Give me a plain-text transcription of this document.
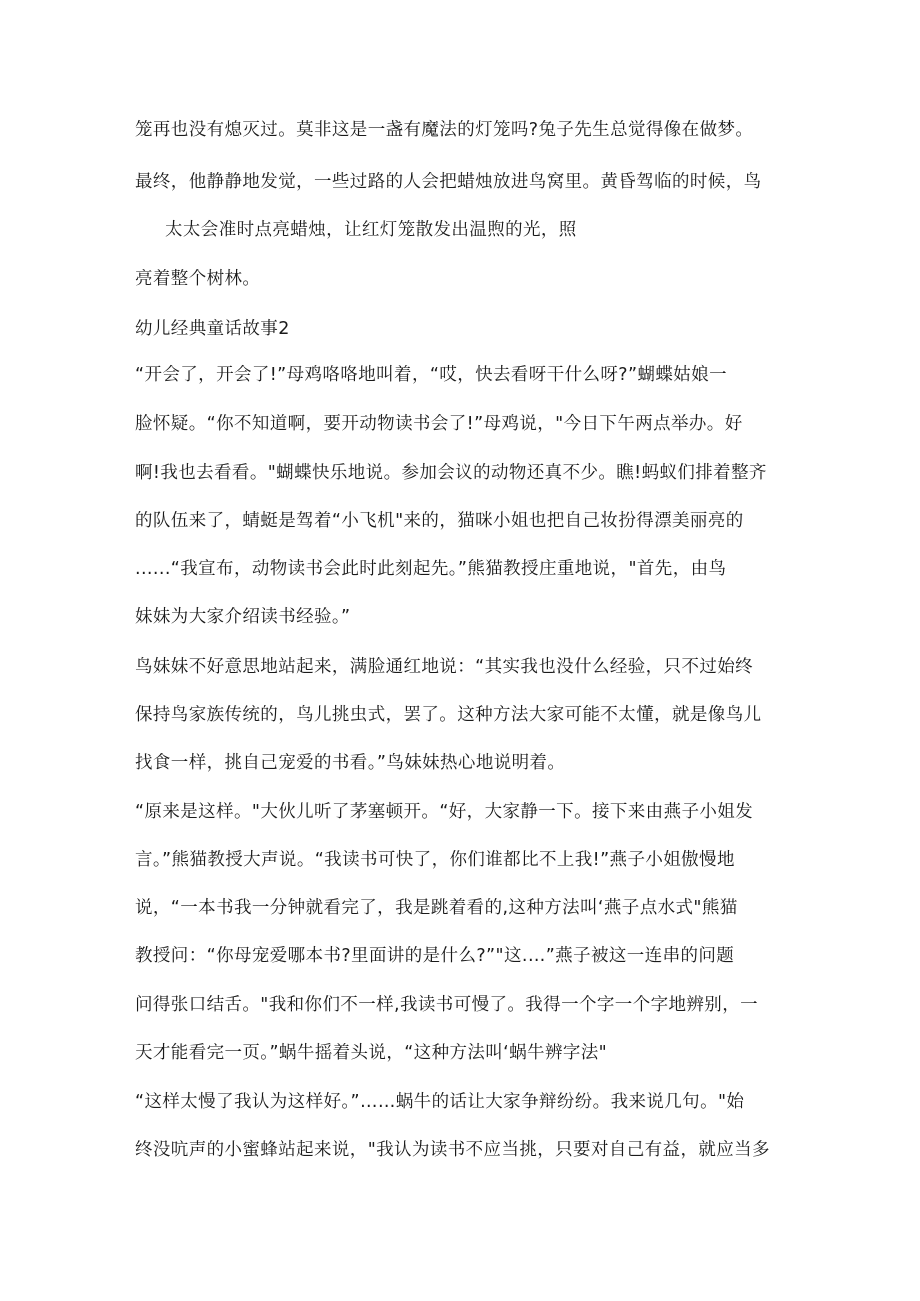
笼再也没有熄灭过。莫非这是一盏有魔法的灯笼吗?兔子先生总觉得像在做梦。
最终，他静静地发觉，一些过路的人会把蜡烛放进鸟窝里。黄昏驾临的时候，鸟
太太会准时点亮蜡烛，让红灯笼散发出温煦的光，照
亮着整个树林。
幼儿经典童话故事2
“开会了，开会了!”母鸡咯咯地叫着，“哎，快去看呀干什么呀?”蝴蝶姑娘一
脸怀疑。“你不知道啊，要开动物读书会了!”母鸡说，"今日下午两点举办。好
啊!我也去看看。"蝴蝶快乐地说。参加会议的动物还真不少。瞧!蚂蚁们排着整齐
的队伍来了，蜻蜓是驾着“小飞机"来的，猫咪小姐也把自己妆扮得漂美丽亮的
......“我宣布，动物读书会此时此刻起先。”熊猫教授庄重地说，"首先，由鸟
妹妹为大家介绍读书经验。”
鸟妹妹不好意思地站起来，满脸通红地说：“其实我也没什么经验，只不过始终
保持鸟家族传统的，鸟儿挑虫式，罢了。这种方法大家可能不太懂，就是像鸟儿
找食一样，挑自己宠爱的书看。”鸟妹妹热心地说明着。
“原来是这样。"大伙儿听了茅塞顿开。“好，大家静一下。接下来由燕子小姐发
言。”熊猫教授大声说。“我读书可快了，你们谁都比不上我!”燕子小姐傲慢地
说，“一本书我一分钟就看完了，我是跳着看的,这种方法叫‘燕子点水式"熊猫
教授问：“你母宠爱哪本书?里面讲的是什么?”"这.…”燕子被这一连串的问题
问得张口结舌。"我和你们不一样,我读书可慢了。我得一个字一个字地辨别，一
天才能看完一页。”蜗牛摇着头说，“这种方法叫‘蜗牛辨字法"
“这样太慢了我认为这样好。”……蜗牛的话让大家争辩纷纷。我来说几句。"始
终没吭声的小蜜蜂站起来说，"我认为读书不应当挑，只要对自己有益，就应当多
